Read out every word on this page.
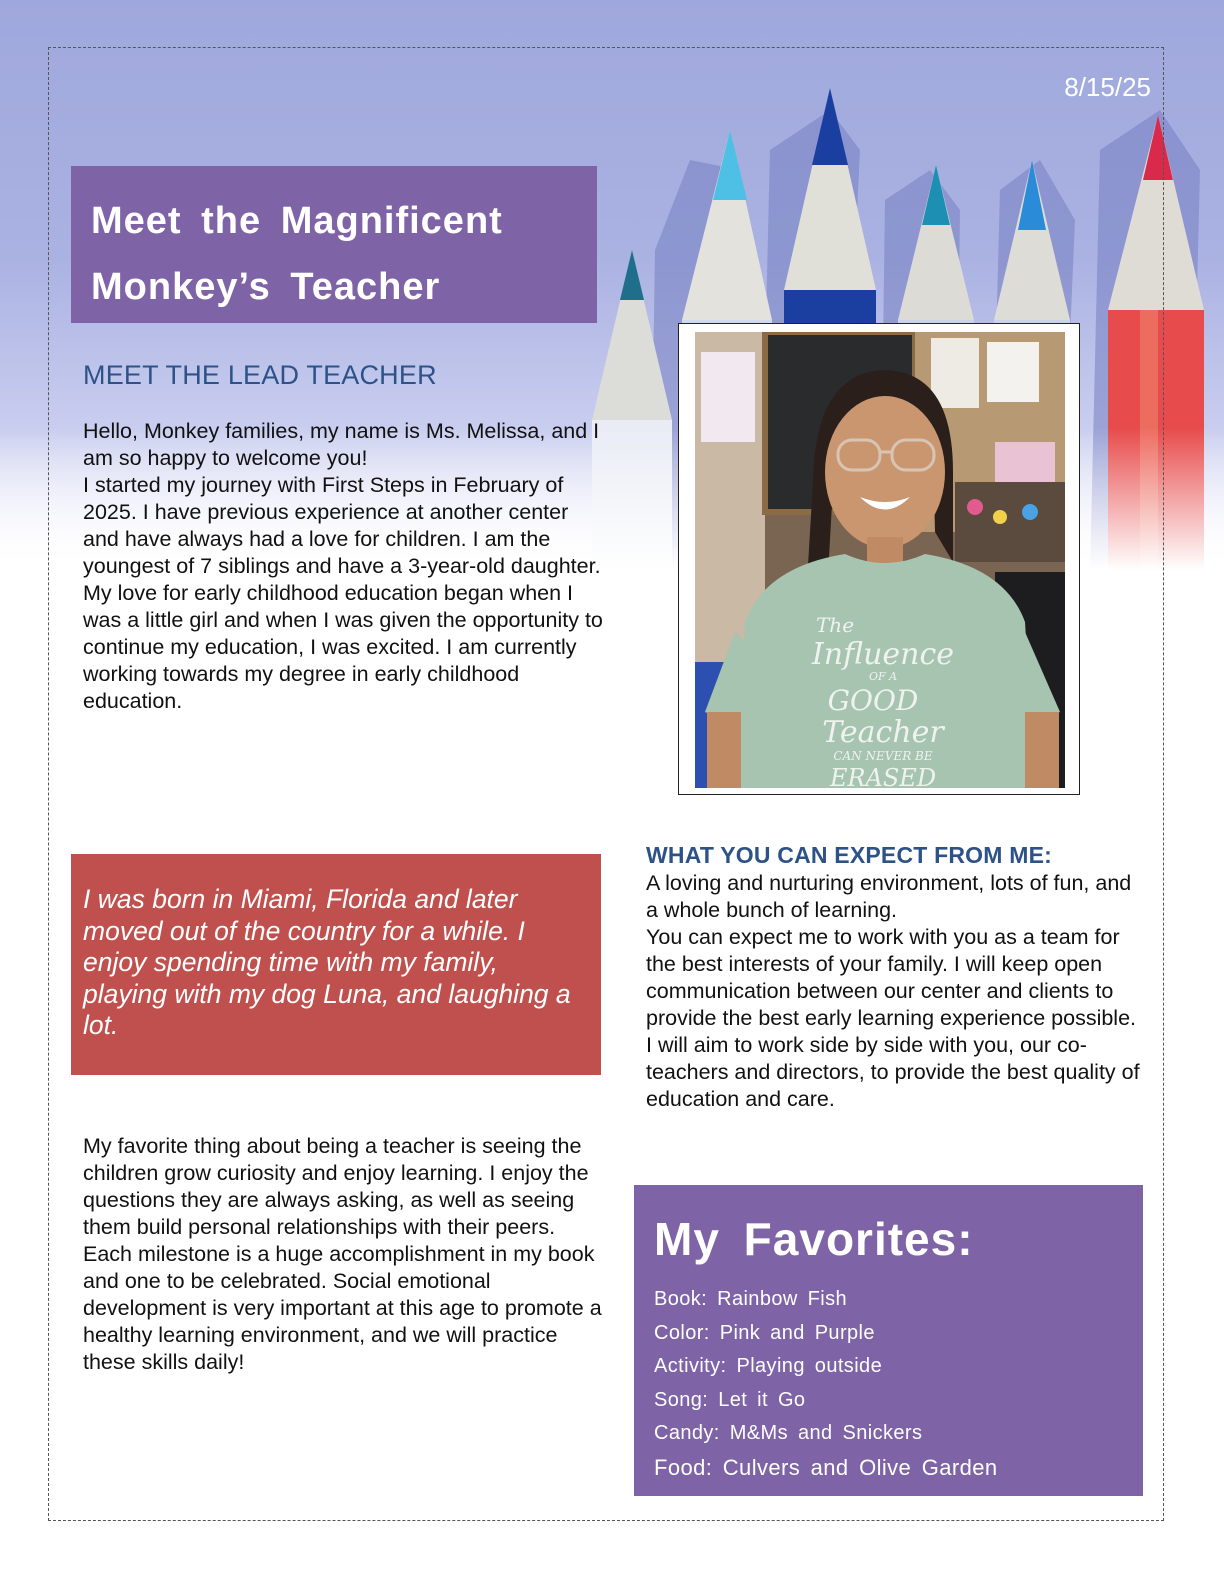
8/15/25
Meet the Magnificent
Monkey’s Teacher
MEET THE LEAD TEACHER

Hello, Monkey families, my name is Ms. Melissa, and I am so happy to welcome you!

I started my journey with First Steps in February of 2025. I have previous experience at another center and have always had a love for children. I am the youngest of 7 siblings and have a 3-year-old daughter. My love for early childhood education began when I was a little girl and when I was given the opportunity to continue my education, I was excited. I am currently working towards my degree in early childhood education.

The
Influence
OF A
GOOD
Teacher
CAN NEVER BE
ERASED
I was born in Miami, Florida and later moved out of the country for a while. I enjoy spending time with my family, playing with my dog Luna, and laughing a lot.
WHAT YOU CAN EXPECT FROM ME:

A loving and nurturing environment, lots of fun, and a whole bunch of learning.

You can expect me to work with you as a team for the best interests of your family. I will keep open communication between our center and clients to provide the best early learning experience possible. I will aim to work side by side with you, our co-teachers and directors, to provide the best quality of education and care.

My favorite thing about being a teacher is seeing the children grow curiosity and enjoy learning. I enjoy the questions they are always asking, as well as seeing them build personal relationships with their peers. Each milestone is a huge accomplishment in my book and one to be celebrated. Social emotional development is very important at this age to promote a healthy learning environment, and we will practice these skills daily!
My Favorites:
Book: Rainbow Fish
Color: Pink and Purple
Activity: Playing outside
Song: Let it Go
Candy: M&Ms and Snickers
Food: Culvers and Olive Garden
